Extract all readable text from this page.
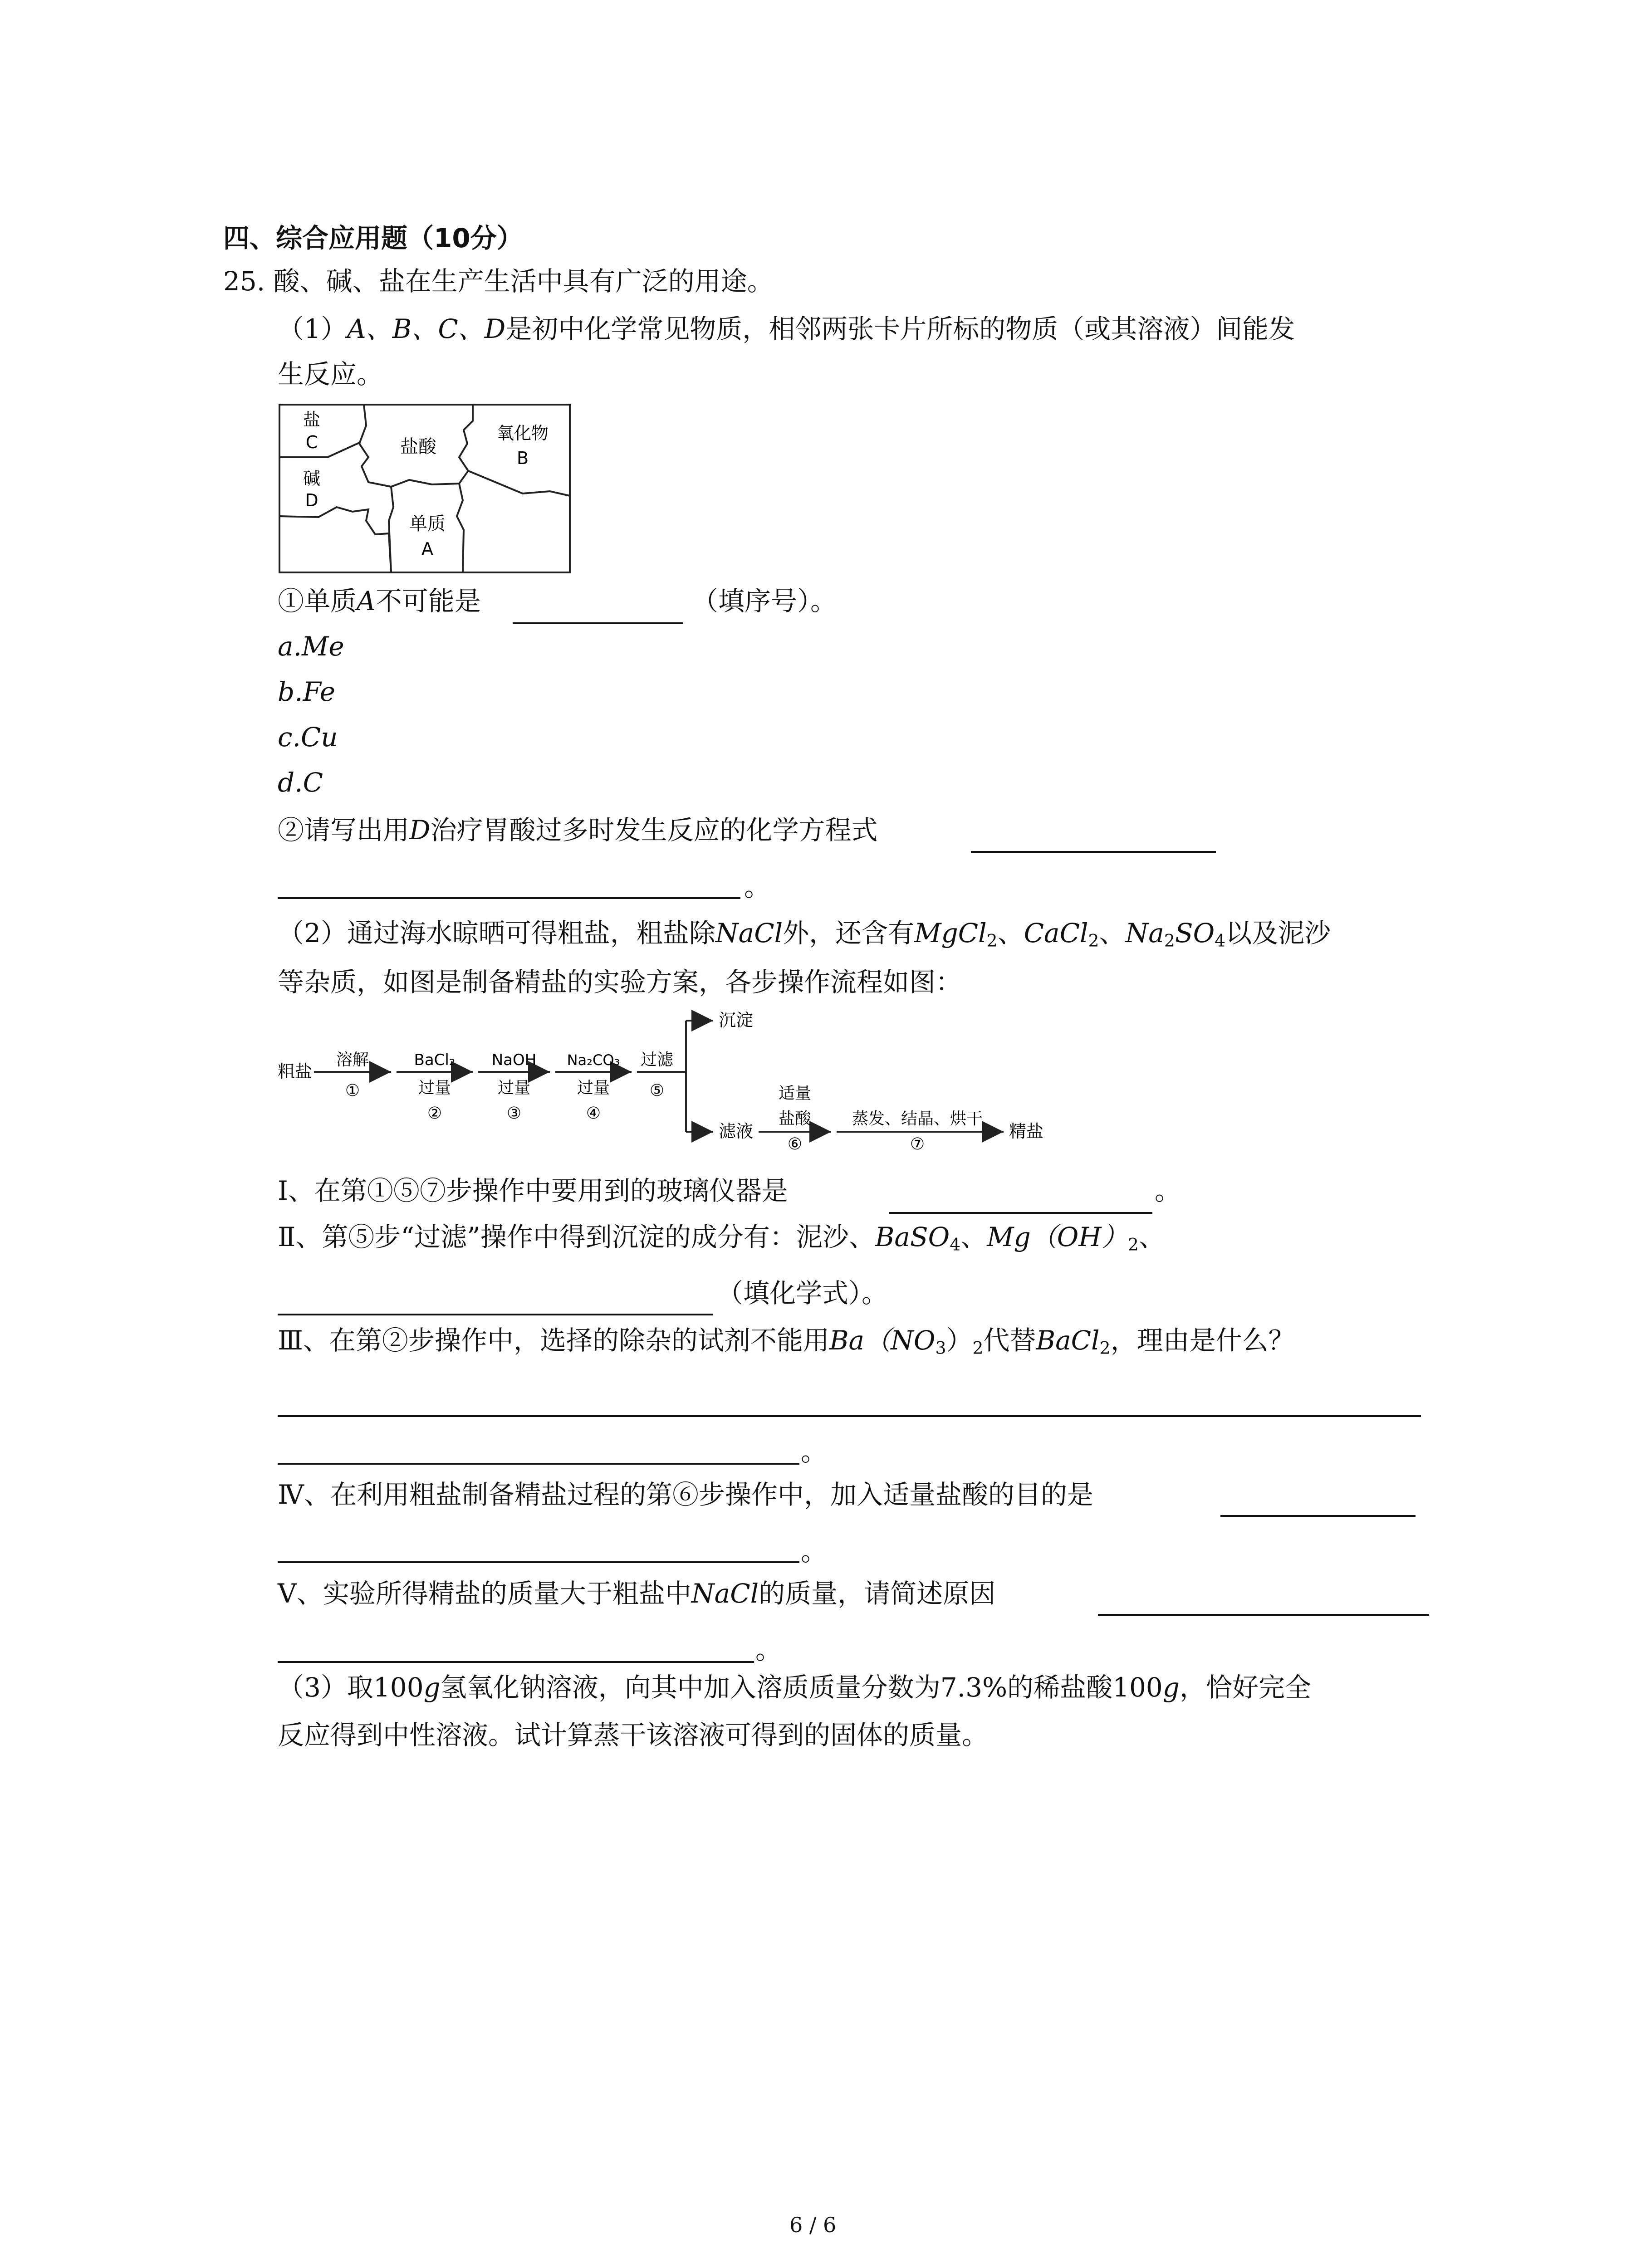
四、综合应用题（10分）
25. 酸、碱、盐在生产生活中具有广泛的用途。
（1）A、B、C、D是初中化学常见物质，相邻两张卡片所标的物质（或其溶液）间能发
生反应。
盐
C	盐酸
氧化物
B
碱
D
单质
A
①单质A不可能是	（填序号）。
a.Me
b.Fe
c.Cu
d.C
②请写出用D治疗胃酸过多时发生反应的化学方程式
。
（2）通过海水晾晒可得粗盐，粗盐除NaCl外，还含有MgCl$_2$、CaCl$_2$、$Na_2SO_4$以及泥沙
等杂质，如图是制备精盐的实验方案，各步操作流程如图：
粗盐
溶解
①
BaCl₂
过量
②
NaOH
过量
③
Na₂CO₃
过量
④
过滤
⑤
沉淀
滤液
适量
盐酸
⑥
蒸发、结晶、烘干
⑦
精盐
Ⅰ、在第①⑤⑦步操作中要用到的玻璃仪器是	。
Ⅱ、第⑤步“过滤”操作中得到沉淀的成分有：泥沙、BaSO$_4$、$Mg(OH)_2$、
（填化学式）。
Ⅲ、在第②步操作中，选择的除杂的试剂不能用$Ba(NO_3)_2$代替BaCl$_2$，理由是什么？
。
Ⅳ、在利用粗盐制备精盐过程的第⑥步操作中，加入适量盐酸的目的是
。
Ⅴ、实验所得精盐的质量大于粗盐中NaCl的质量，请简述原因
。
（3）取100g氢氧化钠溶液，向其中加入溶质质量分数为7.3%的稀盐酸100g，恰好完全
反应得到中性溶液。试计算蒸干该溶液可得到的固体的质量。
6 / 6
